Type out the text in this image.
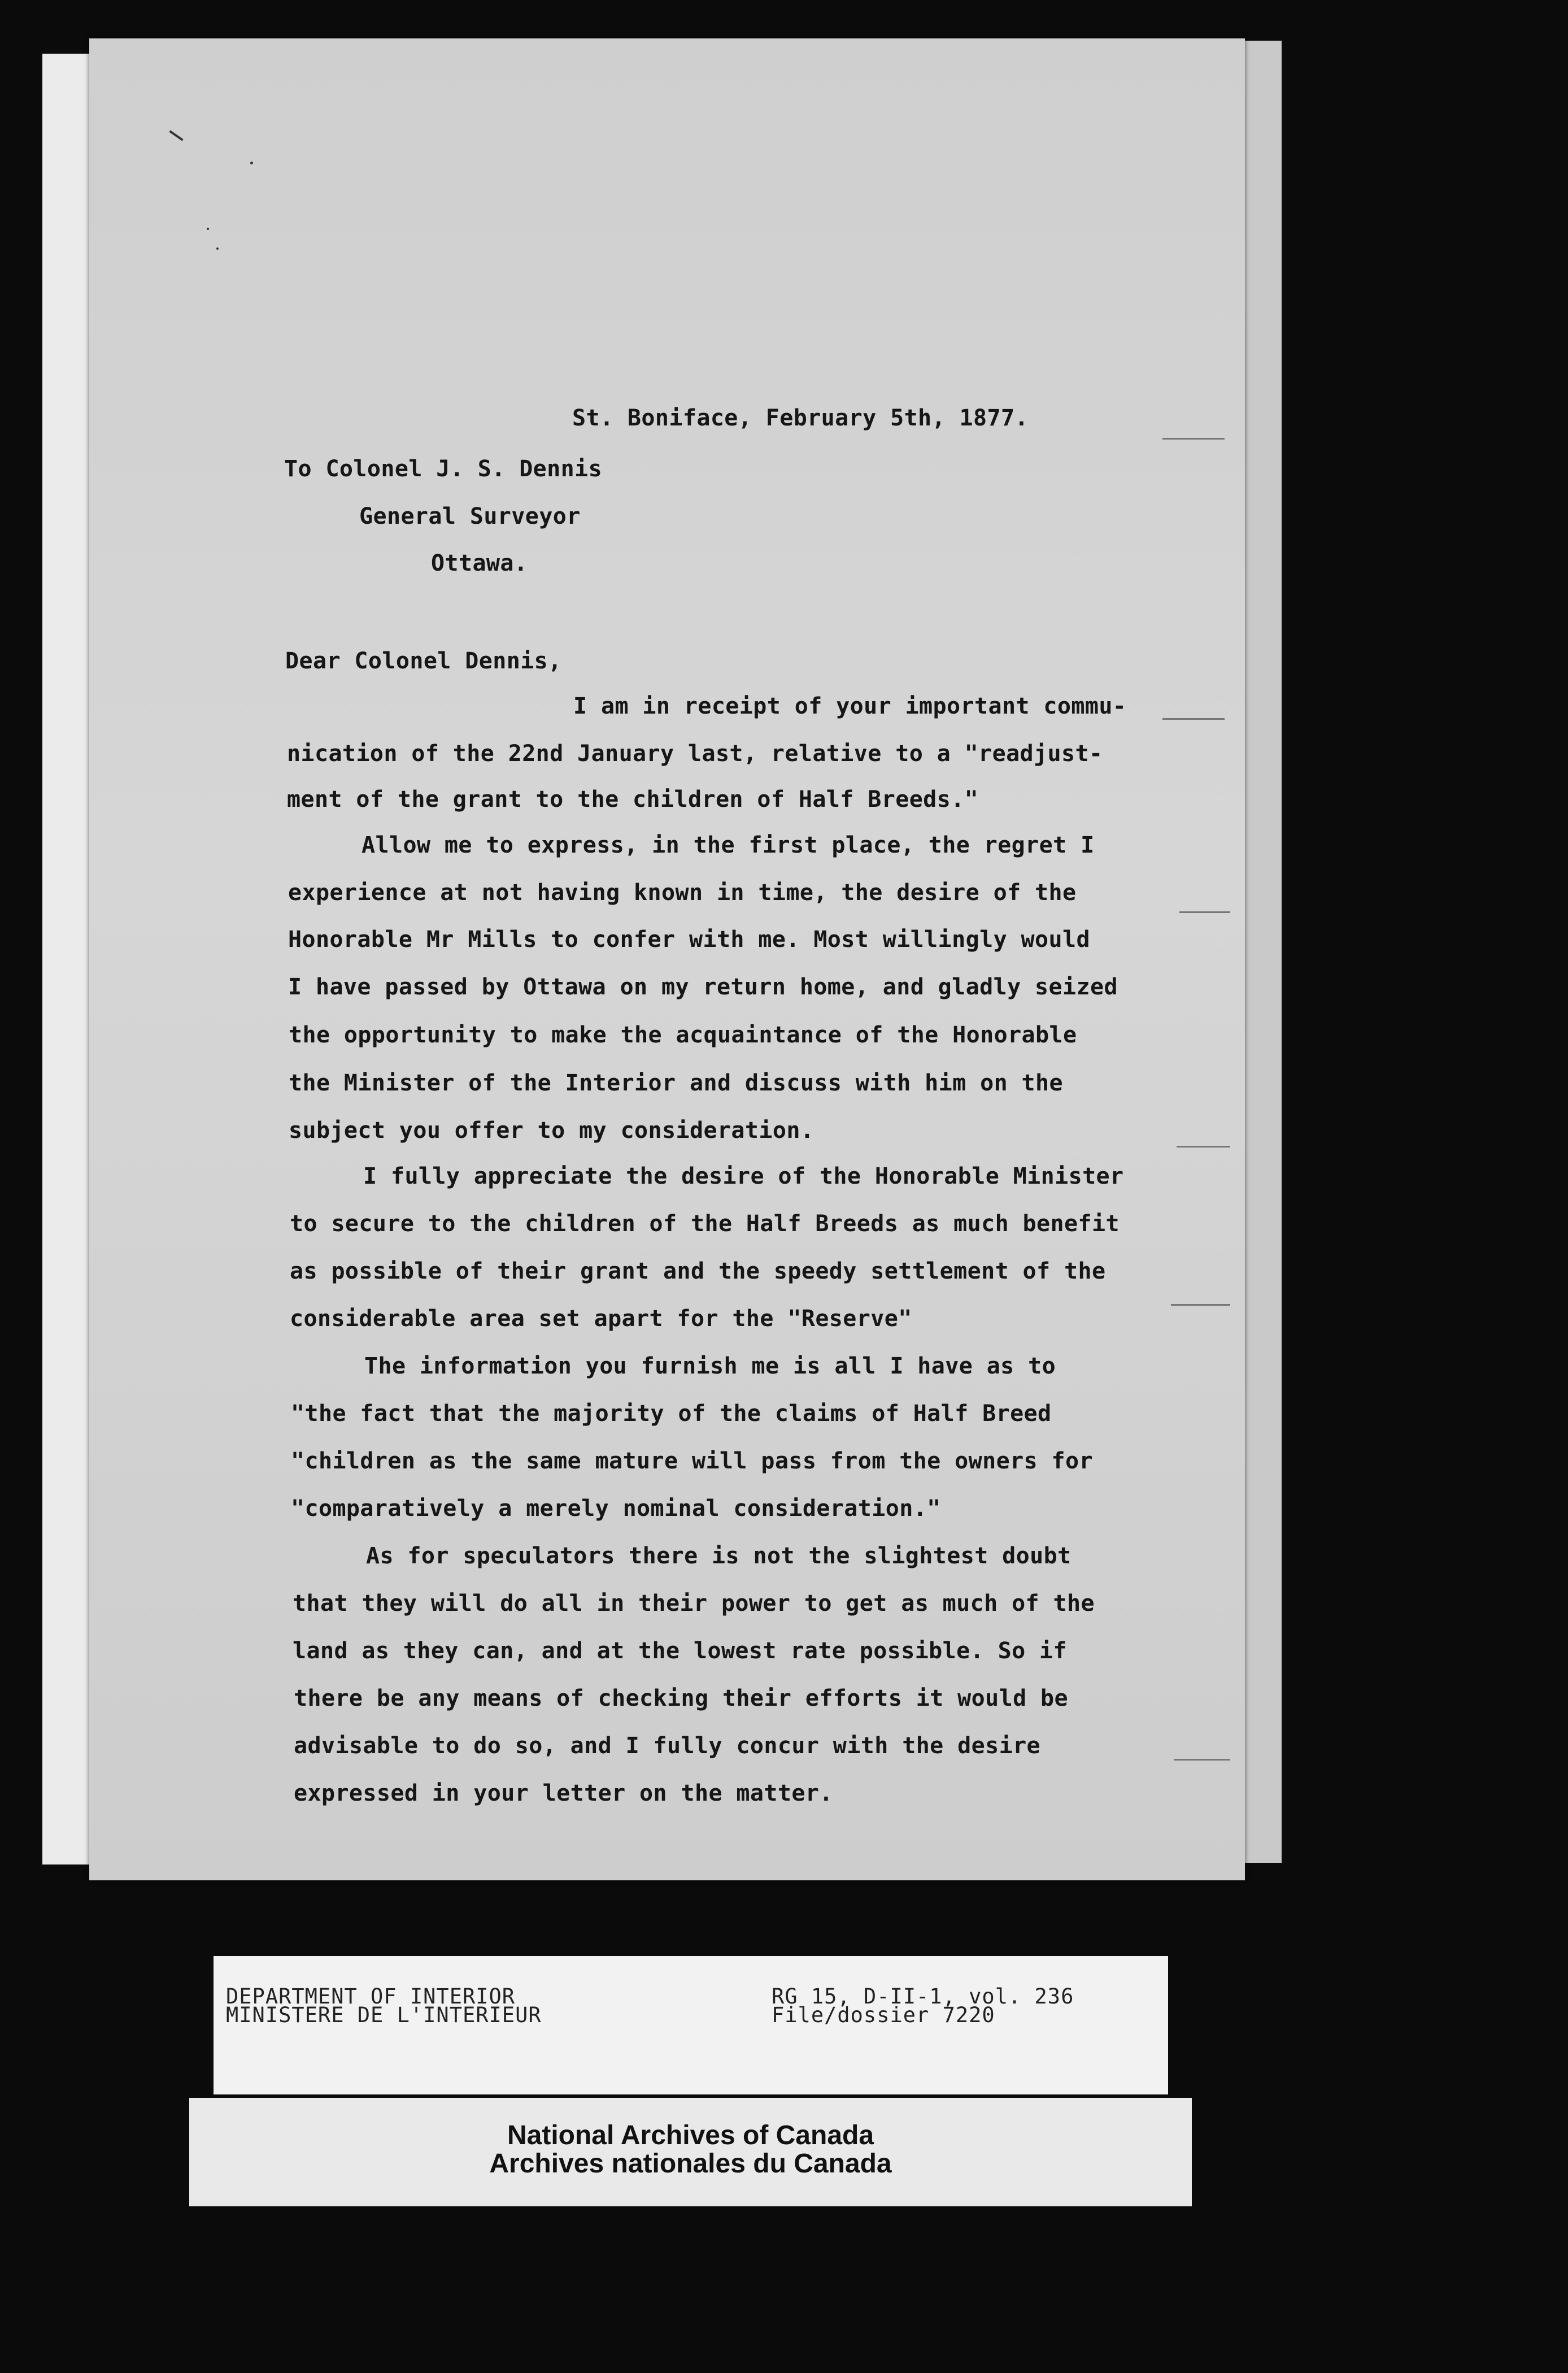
St. Boniface, February 5th, 1877.
To Colonel J. S. Dennis
General Surveyor
Ottawa.
Dear Colonel Dennis,
I am in receipt of your important commu-
nication of the 22nd January last, relative to a "readjust-
ment of the grant to the children of Half Breeds."
Allow me to express, in the first place, the regret I
experience at not having known in time, the desire of the
Honorable Mr Mills to confer with me. Most willingly would
I have passed by Ottawa on my return home, and gladly seized
the opportunity to make the acquaintance of the Honorable
the Minister of the Interior and discuss with him on the
subject you offer to my consideration.
I fully appreciate the desire of the Honorable Minister
to secure to the children of the Half Breeds as much benefit
as possible of their grant and the speedy settlement of the
considerable area set apart for the "Reserve"
The information you furnish me is all I have as to
"the fact that the majority of the claims of Half Breed
"children as the same mature will pass from the owners for
"comparatively a merely nominal consideration."
As for speculators there is not the slightest doubt
that they will do all in their power to get as much of the
land as they can, and at the lowest rate possible. So if
there be any means of checking their efforts it would be
advisable to do so, and I fully concur with the desire
expressed in your letter on the matter.
DEPARTMENT OF INTERIOR
MINISTERE DE L'INTERIEUR
RG 15, D-II-1, vol. 236
File/dossier 7220
National Archives of Canada
Archives nationales du Canada
